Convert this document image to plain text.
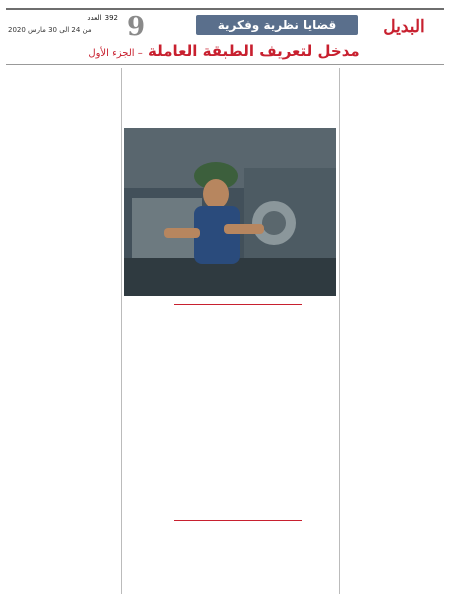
البديل
قضايا نظرية وفكرية
9
العدد 392
من 24 الى 30 مارس 2020
مدخل لتعريف الطبقة العاملة – الجزء الأول
